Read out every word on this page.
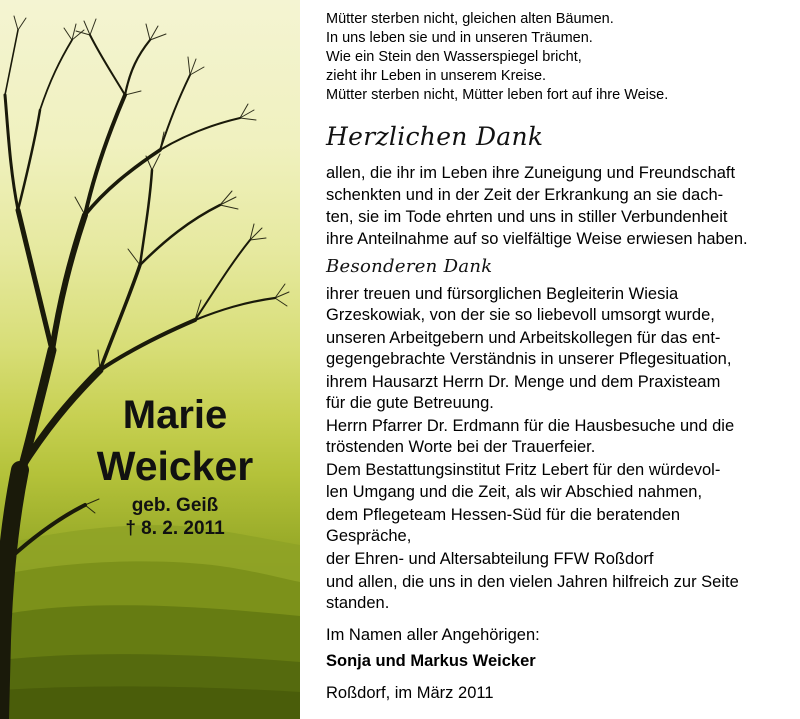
Marie
Weicker
geb. Geiß
† 8. 2. 2011
Mütter sterben nicht, gleichen alten Bäumen.
In uns leben sie und in unseren Träumen.
Wie ein Stein den Wasserspiegel bricht,
zieht ihr Leben in unserem Kreise.
Mütter sterben nicht, Mütter leben fort auf ihre Weise.
Herzlichen Dank
allen, die ihr im Leben ihre Zuneigung und Freundschaft
schenkten und in der Zeit der Erkrankung an sie dach-
ten, sie im Tode ehrten und uns in stiller Verbundenheit
ihre Anteilnahme auf so vielfältige Weise erwiesen haben.
Besonderen Dank
ihrer treuen und fürsorglichen Begleiterin Wiesia
Grzeskowiak, von der sie so liebevoll umsorgt wurde,
unseren Arbeitgebern und Arbeitskollegen für das ent-
gegengebrachte Verständnis in unserer Pflegesituation,
ihrem Hausarzt Herrn Dr. Menge und dem Praxisteam
für die gute Betreuung.
Herrn Pfarrer Dr. Erdmann für die Hausbesuche und die
tröstenden Worte bei der Trauerfeier.
Dem Bestattungsinstitut Fritz Lebert für den würdevol-
len Umgang und die Zeit, als wir Abschied nahmen,
dem Pflegeteam Hessen-Süd für die beratenden
Gespräche,
der Ehren- und Altersabteilung FFW Roßdorf
und allen, die uns in den vielen Jahren hilfreich zur Seite
standen.
Im Namen aller Angehörigen:
Sonja und Markus Weicker
Roßdorf, im März 2011
